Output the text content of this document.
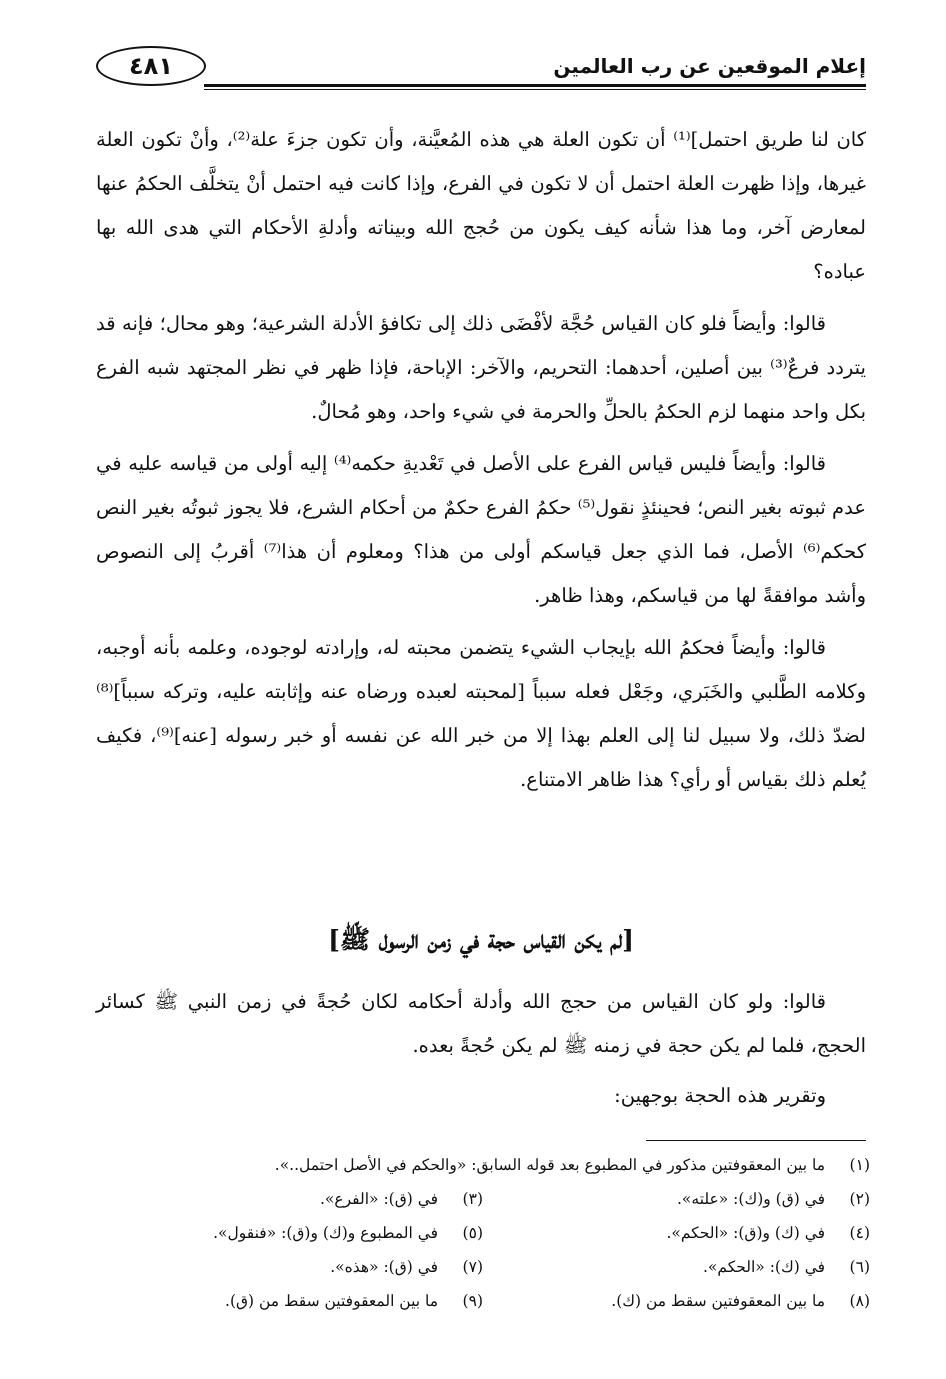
إعلام الموقعين عن رب العالمين
٤٨١

كان لنا طريق احتمل]⁽¹⁾ أن تكون العلة هي هذه المُعيَّنة، وأن تكون جزءَ علة⁽²⁾، وأنْ تكون العلة غيرها، وإذا ظهرت العلة احتمل أن لا تكون في الفرع، وإذا كانت فيه احتمل أنْ يتخلَّف الحكمُ عنها لمعارض آخر، وما هذا شأنه كيف يكون من حُجج الله وبيناته وأدلةِ الأحكام التي هدى الله بها عباده؟

قالوا: وأيضاً فلو كان القياس حُجَّة لأفْضَى ذلك إلى تكافؤ الأدلة الشرعية؛ وهو محال؛ فإنه قد يتردد فرعٌ⁽³⁾ بين أصلين، أحدهما: التحريم، والآخر: الإباحة، فإذا ظهر في نظر المجتهد شبه الفرع بكل واحد منهما لزم الحكمُ بالحلِّ والحرمة في شيء واحد، وهو مُحالٌ.

قالوا: وأيضاً فليس قياس الفرع على الأصل في تَعْديةِ حكمه⁽⁴⁾ إليه أولى من قياسه عليه في عدم ثبوته بغير النص؛ فحينئذٍ نقول⁽⁵⁾ حكمُ الفرع حكمٌ من أحكام الشرع، فلا يجوز ثبوتُه بغير النص كحكم⁽⁶⁾ الأصل، فما الذي جعل قياسكم أولى من هذا؟ ومعلوم أن هذا⁽⁷⁾ أقربُ إلى النصوص وأشد موافقةً لها من قياسكم، وهذا ظاهر.

قالوا: وأيضاً فحكمُ الله بإيجاب الشيء يتضمن محبته له، وإرادته لوجوده، وعلمه بأنه أوجبه، وكلامه الطَّلبي والخَبَري، وجَعْل فعله سبباً [لمحبته لعبده ورضاه عنه وإثابته عليه، وتركه سبباً]⁽⁸⁾ لضدّ ذلك، ولا سبيل لنا إلى العلم بهذا إلا من خبر الله عن نفسه أو خبر رسوله [عنه]⁽⁹⁾، فكيف يُعلم ذلك بقياس أو رأي؟ هذا ظاهر الامتناع.

[لم يكن القياس حجة في زمن الرسول ﷺ]

قالوا: ولو كان القياس من حجج الله وأدلة أحكامه لكان حُجةً في زمن النبي ﷺ كسائر الحجج، فلما لم يكن حجة في زمنه ﷺ لم يكن حُجةً بعده.

وتقرير هذه الحجة بوجهين:

(١) ما بين المعقوفتين مذكور في المطبوع بعد قوله السابق: «والحكم في الأصل احتمل..».
(٢) في (ق) و(ك): «علته».
(٣) في (ق): «الفرع».
(٤) في (ك) و(ق): «الحكم».
(٥) في المطبوع و(ك) و(ق): «فنقول».
(٦) في (ك): «الحكم».
(٧) في (ق): «هذه».
(٨) ما بين المعقوفتين سقط من (ك).
(٩) ما بين المعقوفتين سقط من (ق).
